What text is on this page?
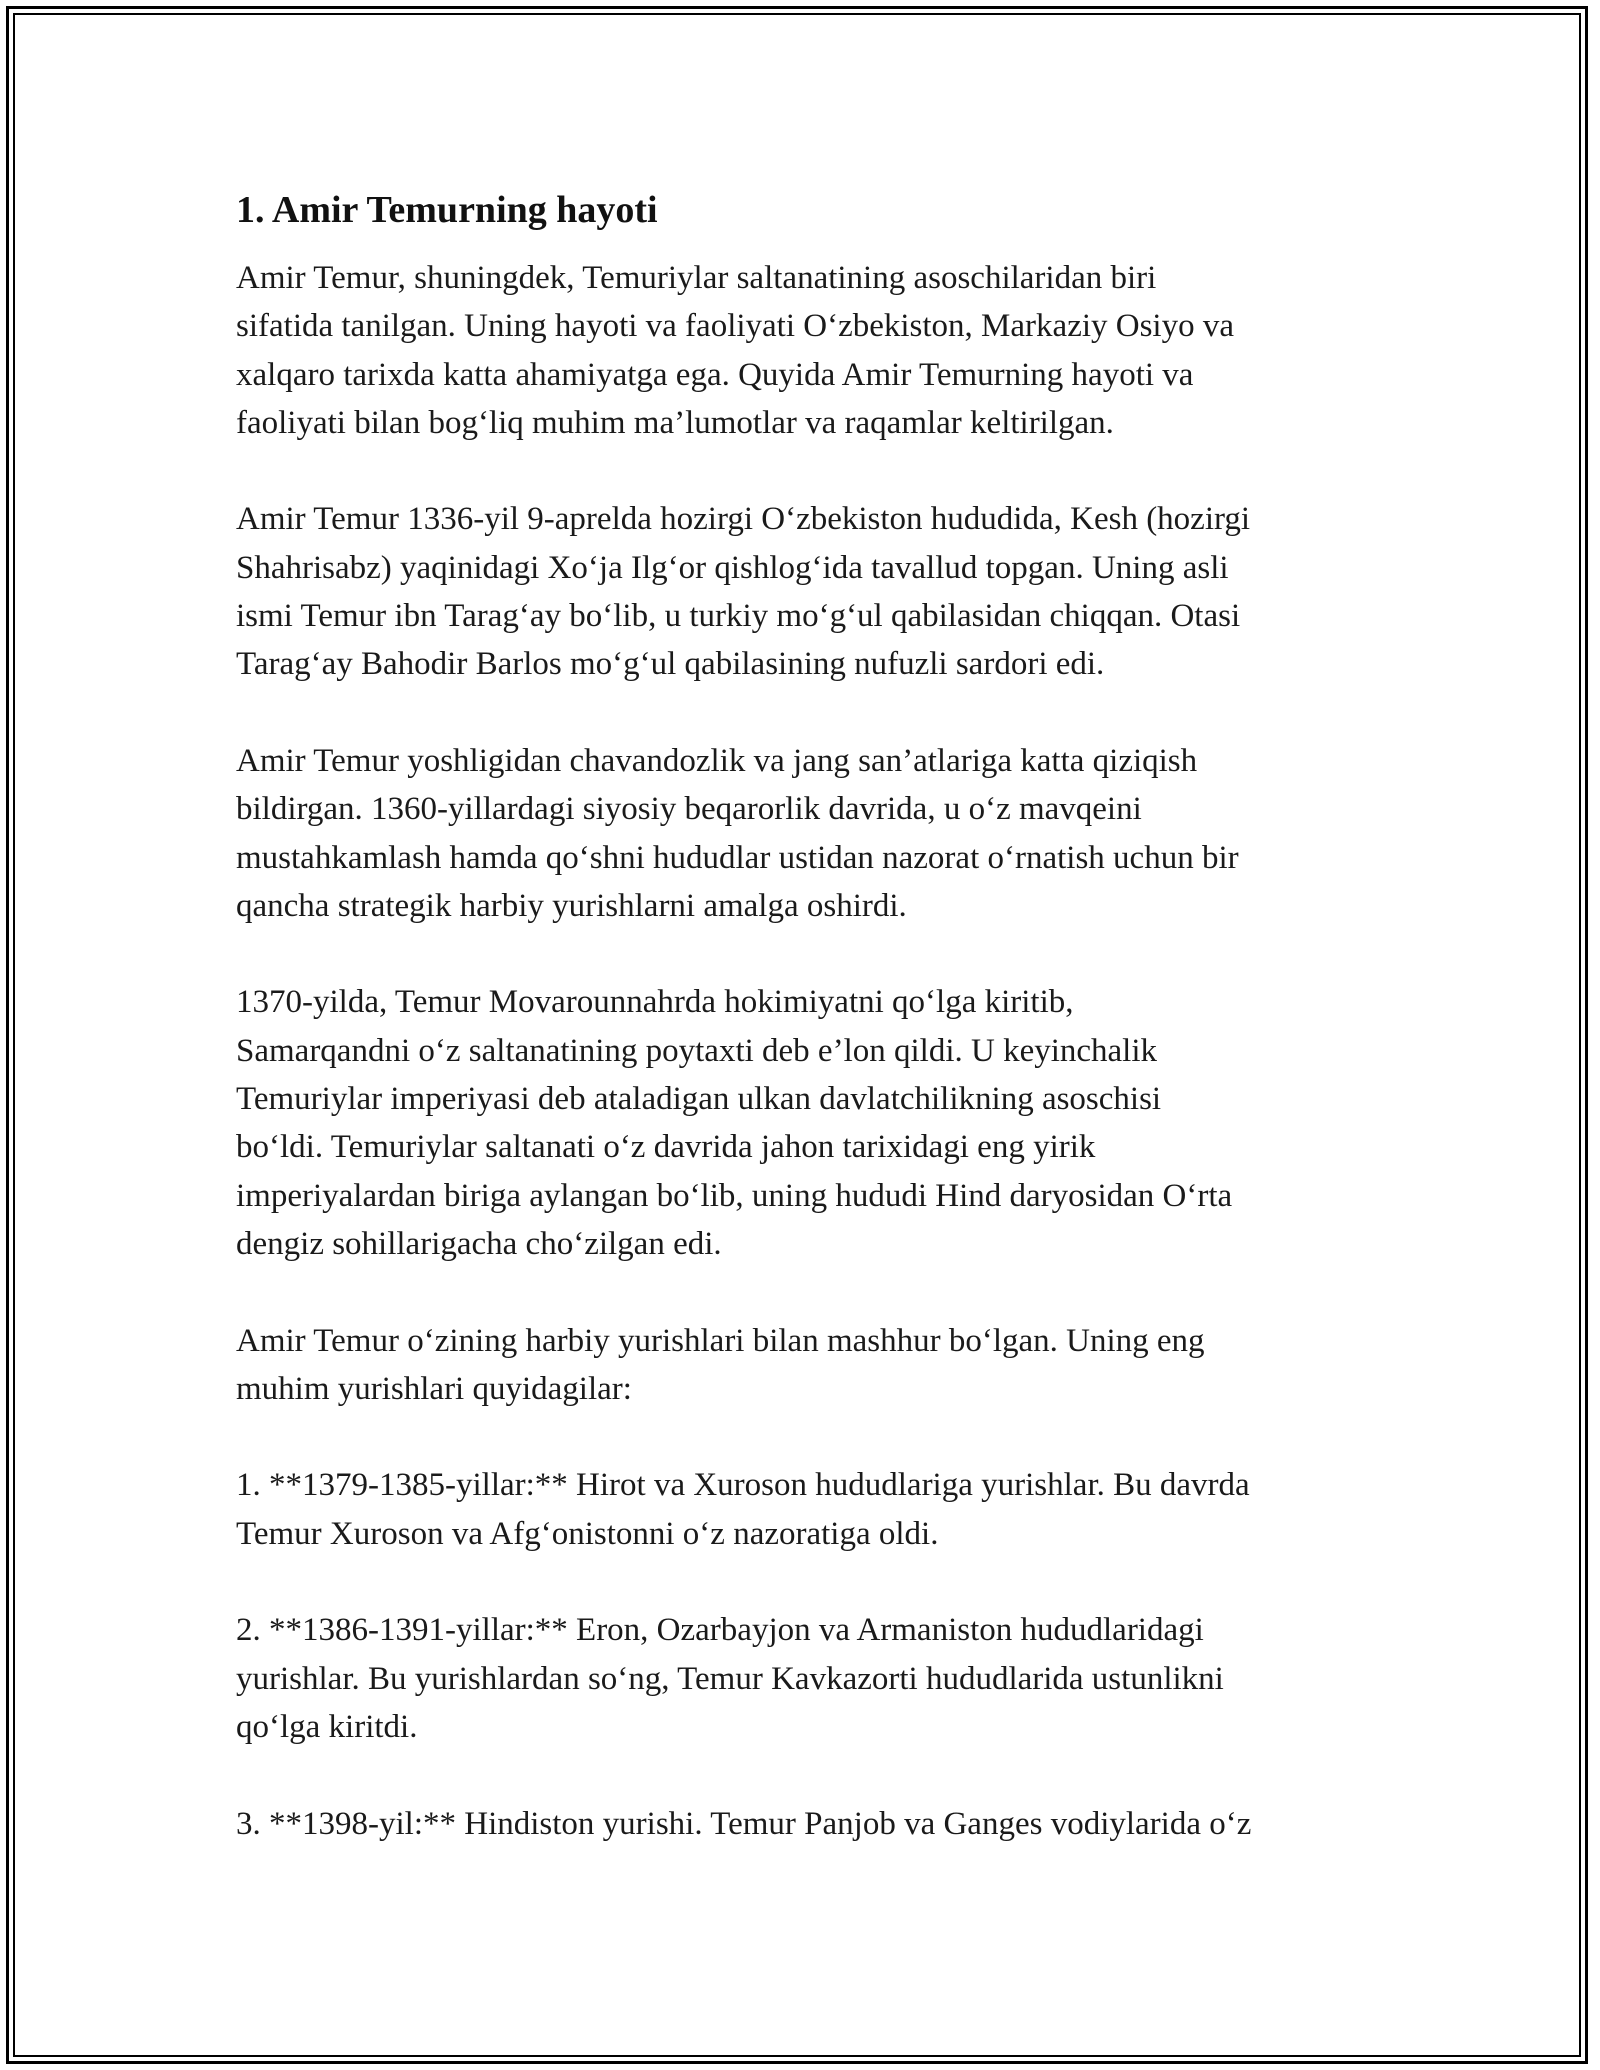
1. Amir Temurning hayoti

Amir Temur, shuningdek, Temuriylar saltanatining asoschilaridan biri
sifatida tanilgan. Uning hayoti va faoliyati O‘zbekiston, Markaziy Osiyo va
xalqaro tarixda katta ahamiyatga ega. Quyida Amir Temurning hayoti va
faoliyati bilan bog‘liq muhim ma’lumotlar va raqamlar keltirilgan.

Amir Temur 1336-yil 9-aprelda hozirgi O‘zbekiston hududida, Kesh (hozirgi
Shahrisabz) yaqinidagi Xo‘ja Ilg‘or qishlog‘ida tavallud topgan. Uning asli
ismi Temur ibn Tarag‘ay bo‘lib, u turkiy mo‘g‘ul qabilasidan chiqqan. Otasi
Tarag‘ay Bahodir Barlos mo‘g‘ul qabilasining nufuzli sardori edi.

Amir Temur yoshligidan chavandozlik va jang san’atlariga katta qiziqish
bildirgan. 1360-yillardagi siyosiy beqarorlik davrida, u o‘z mavqeini
mustahkamlash hamda qo‘shni hududlar ustidan nazorat o‘rnatish uchun bir
qancha strategik harbiy yurishlarni amalga oshirdi.

1370-yilda, Temur Movarounnahrda hokimiyatni qo‘lga kiritib,
Samarqandni o‘z saltanatining poytaxti deb e’lon qildi. U keyinchalik
Temuriylar imperiyasi deb ataladigan ulkan davlatchilikning asoschisi
bo‘ldi. Temuriylar saltanati o‘z davrida jahon tarixidagi eng yirik
imperiyalardan biriga aylangan bo‘lib, uning hududi Hind daryosidan O‘rta
dengiz sohillarigacha cho‘zilgan edi.

Amir Temur o‘zining harbiy yurishlari bilan mashhur bo‘lgan. Uning eng
muhim yurishlari quyidagilar:

1. **1379-1385-yillar:** Hirot va Xuroson hududlariga yurishlar. Bu davrda
Temur Xuroson va Afg‘onistonni o‘z nazoratiga oldi.

2. **1386-1391-yillar:** Eron, Ozarbayjon va Armaniston hududlaridagi
yurishlar. Bu yurishlardan so‘ng, Temur Kavkazorti hududlarida ustunlikni
qo‘lga kiritdi.

3. **1398-yil:** Hindiston yurishi. Temur Panjob va Ganges vodiylarida o‘z
